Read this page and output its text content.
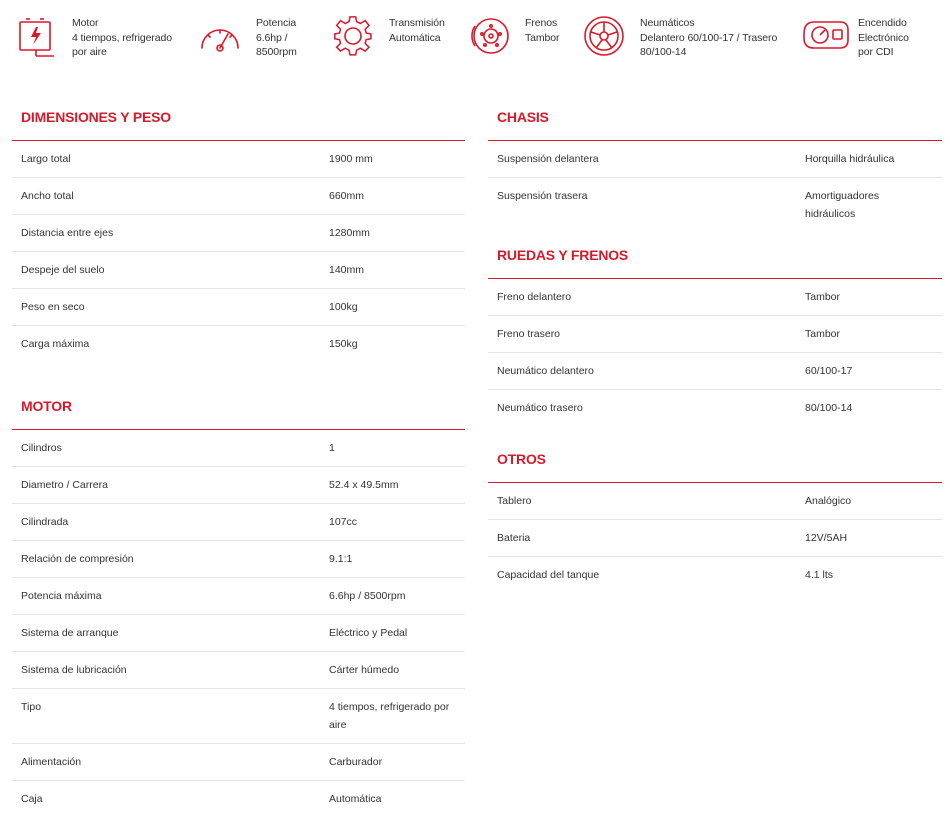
Motor
4 tiempos, refrigerado
por aire
Potencia
6.6hp /
8500rpm
Transmisión
Automática
Frenos
Tambor
Neumáticos
Delantero 60/100-17 / Trasero
80/100-14
Encendido
Electrónico
por CDI
DIMENSIONES Y PESO
Largo total	1900 mm
Ancho total	660mm
Distancia entre ejes	1280mm
Despeje del suelo	140mm
Peso en seco	100kg
Carga máxima	150kg
MOTOR
Cilindros	1
Diametro / Carrera	52.4 x 49.5mm
Cilindrada	107cc
Relación de compresión	9.1:1
Potencia máxima	6.6hp / 8500rpm
Sistema de arranque	Eléctrico y Pedal
Sistema de lubricación	Cárter húmedo
Tipo	4 tiempos, refrigerado por aire
Alimentación	Carburador
Caja	Automática
CHASIS
Suspensión delantera	Horquilla hidráulica
Suspensión trasera	Amortiguadores hidráulicos
RUEDAS Y FRENOS
Freno delantero	Tambor
Freno trasero	Tambor
Neumático delantero	60/100-17
Neumático trasero	80/100-14
OTROS
Tablero	Analógico
Bateria	12V/5AH
Capacidad del tanque	4.1 lts
